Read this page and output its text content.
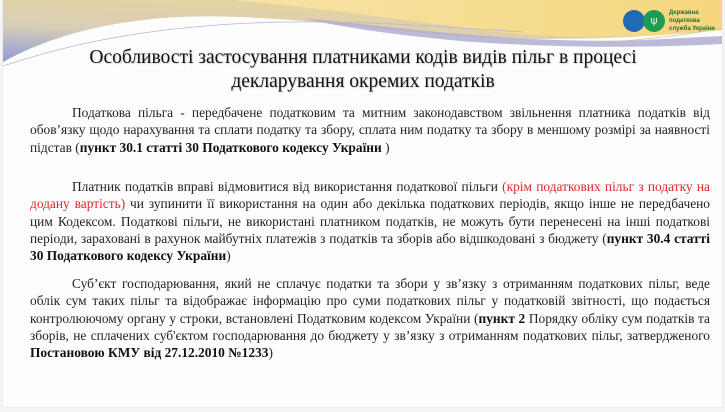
ψ
Державна
податкова
служба України
Особливості застосування платниками кодів видів пільг в процесі
декларування окремих податків
Податкова пільга - передбачене податковим та митним законодавством звільнення платника податків від обов’язку щодо нарахування та сплати податку та збору, сплата ним податку та збору в меншому розмірі за наявності підстав (пункт 30.1 статті 30 Податкового кодексу України )
Платник податків вправі відмовитися від використання податкової пільги (крім податкових пільг з податку на додану вартість) чи зупинити її використання на один або декілька податкових періодів, якщо інше не передбачено цим Кодексом. Податкові пільги, не використані платником податків, не можуть бути перенесені на інші податкові періоди, зараховані в рахунок майбутніх платежів з податків та зборів або відшкодовані з бюджету (пункт 30.4 статті 30 Податкового кодексу України)
Суб’єкт господарювання, який не сплачує податки та збори у зв’язку з отриманням податкових пільг, веде облік сум таких пільг та відображає інформацію про суми податкових пільг у податковій звітності, що подається контролюючому органу у строки, встановлені Податковим кодексом України (пункт 2 Порядку обліку сум податків та зборів, не сплачених суб'єктом господарювання до бюджету у зв’язку з отриманням податкових пільг, затвердженого Постановою КМУ від 27.12.2010 №1233)
